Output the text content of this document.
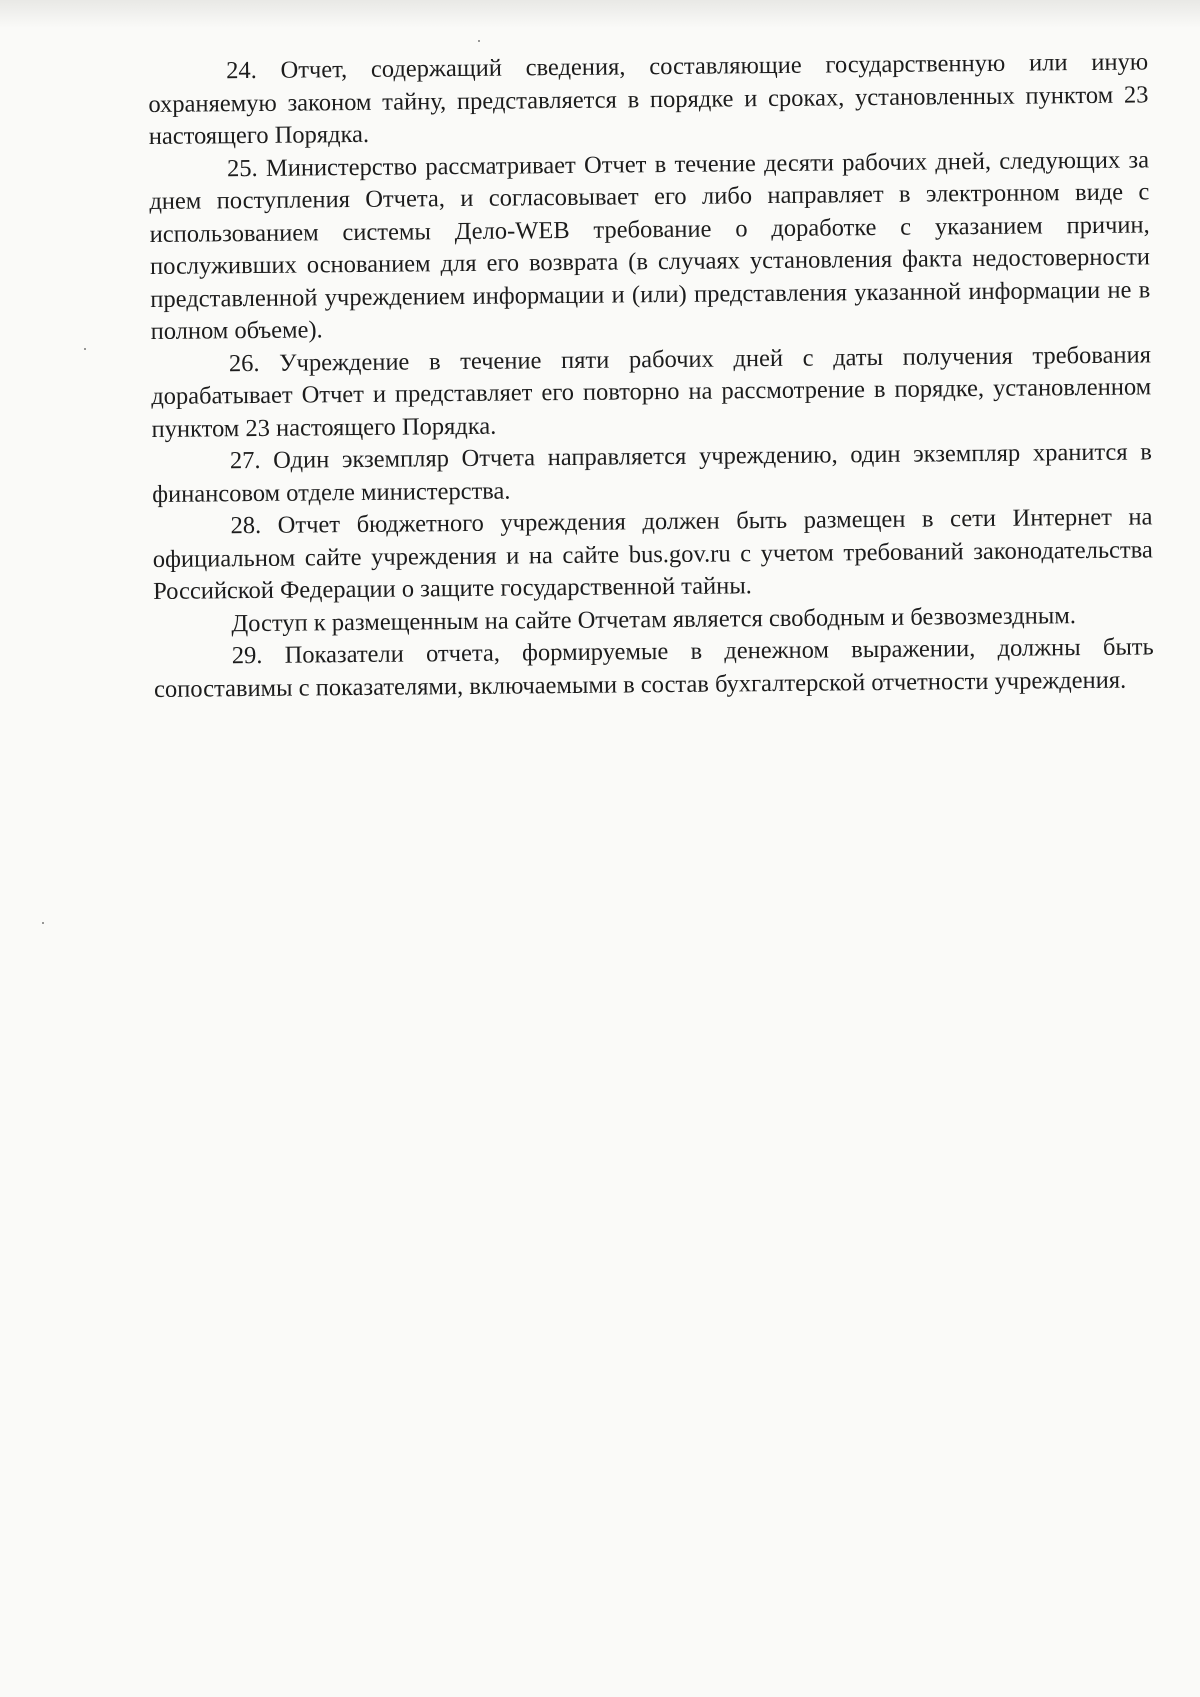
24. Отчет, содержащий сведения, составляющие государственную или иную охраняемую законом тайну, представляется в порядке и сроках, установленных пунктом 23 настоящего Порядка.

25. Министерство рассматривает Отчет в течение десяти рабочих дней, следующих за днем поступления Отчета, и согласовывает его либо направляет в электронном виде с использованием системы Дело-WEB требование о доработке с указанием причин, послуживших основанием для его возврата (в случаях установления факта недостоверности представленной учреждением информации и (или) представления указанной информации не в полном объеме).

26. Учреждение в течение пяти рабочих дней с даты получения требования дорабатывает Отчет и представляет его повторно на рассмотрение в порядке, установленном пунктом 23 настоящего Порядка.

27. Один экземпляр Отчета направляется учреждению, один экземпляр хранится в финансовом отделе министерства.

28. Отчет бюджетного учреждения должен быть размещен в сети Интернет на официальном сайте учреждения и на сайте bus.gov.ru с учетом требований законодательства Российской Федерации о защите государственной тайны.

Доступ к размещенным на сайте Отчетам является свободным и безвозмездным.

29. Показатели отчета, формируемые в денежном выражении, должны быть сопоставимы с показателями, включаемыми в состав бухгалтерской отчетности учреждения.
